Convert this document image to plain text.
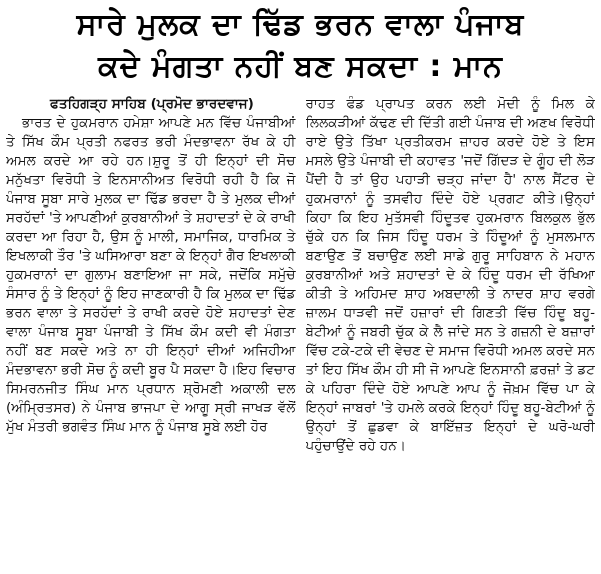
ਸਾਰੇ ਮੁਲਕ ਦਾ ਢਿੱਡ ਭਰਨ ਵਾਲਾ ਪੰਜਾਬ
ਕਦੇ ਮੰਗਤਾ ਨਹੀਂ ਬਣ ਸਕਦਾ : ਮਾਨ
ਫਤਹਿਗੜ੍ਹ ਸਾਹਿਬ (ਪ੍ਰਮੋਦ ਭਾਰਦਵਾਜ)

ਭਾਰਤ ਦੇ ਹੁਕਮਰਾਨ ਹਮੇਸ਼ਾ ਆਪਣੇ ਮਨ ਵਿੱਚ ਪੰਜਾਬੀਆਂ ਤੇ ਸਿੱਖ ਕੌਮ ਪ੍ਰਤੀ ਨਫਰਤ ਭਰੀ ਮੰਦਭਾਵਨਾ ਰੱਖ ਕੇ ਹੀ ਅਮਲ ਕਰਦੇ ਆ ਰਹੇ ਹਨ।ਸ਼ੁਰੂ ਤੋਂ ਹੀ ਇਨ੍ਹਾਂ ਦੀ ਸੋਚ ਮਨੁੱਖਤਾ ਵਿਰੋਧੀ ਤੇ ਇਨਸਾਨੀਅਤ ਵਿਰੋਧੀ ਰਹੀ ਹੈ ਕਿ ਜੋ ਪੰਜਾਬ ਸੂਬਾ ਸਾਰੇ ਮੁਲਕ ਦਾ ਢਿੱਡ ਭਰਦਾ ਹੈ ਤੇ ਮੁਲਕ ਦੀਆਂ ਸਰਹੱਦਾਂ 'ਤੇ ਆਪਣੀਆਂ ਕੁਰਬਾਨੀਆਂ ਤੇ ਸ਼ਹਾਦਤਾਂ ਦੇ ਕੇ ਰਾਖੀ ਕਰਦਾ ਆ ਰਿਹਾ ਹੈ, ਉਸ ਨੂੰ ਮਾਲੀ, ਸਮਾਜਿਕ, ਧਾਰਮਿਕ ਤੇ ਇਖਲਾਕੀ ਤੌਰ 'ਤੇ ਘਸਿਆਰਾ ਬਣਾ ਕੇ ਇਨ੍ਹਾਂ ਗੈਰ ਇਖਲਾਕੀ ਹੁਕਮਰਾਨਾਂ ਦਾ ਗੁਲਾਮ ਬਣਾਇਆ ਜਾ ਸਕੇ, ਜਦੋਂਕਿ ਸਮੁੱਚੇ ਸੰਸਾਰ ਨੂੰ ਤੇ ਇਨ੍ਹਾਂ ਨੂੰ ਇਹ ਜਾਣਕਾਰੀ ਹੈ ਕਿ ਮੁਲਕ ਦਾ ਢਿੱਡ ਭਰਨ ਵਾਲਾ ਤੇ ਸਰਹੱਦਾਂ ਤੇ ਰਾਖੀ ਕਰਦੇ ਹੋਏ ਸ਼ਹਾਦਤਾਂ ਦੇਣ ਵਾਲਾ ਪੰਜਾਬ ਸੂਬਾ ਪੰਜਾਬੀ ਤੇ ਸਿੱਖ ਕੌਮ ਕਦੀ ਵੀ ਮੰਗਤਾ ਨਹੀਂ ਬਣ ਸਕਦੇ ਅਤੇ ਨਾ ਹੀ ਇਨ੍ਹਾਂ ਦੀਆਂ ਅਜਿਹੀਆ ਮੰਦਭਾਵਨਾ ਭਰੀ ਸੋਚ ਨੂੰ ਕਦੀ ਬੂਰ ਪੈ ਸਕਦਾ ਹੈ।ਇਹ ਵਿਚਾਰ ਸਿਮਰਨਜੀਤ ਸਿੰਘ ਮਾਨ ਪ੍ਰਧਾਨ ਸ਼੍ਰੋਮਣੀ ਅਕਾਲੀ ਦਲ (ਅੰਮ੍ਰਿਤਸਰ) ਨੇ ਪੰਜਾਬ ਭਾਜਪਾ ਦੇ ਆਗੂ ਸ੍ਰੀ ਜਾਖੜ ਵੱਲੋਂ ਮੁੱਖ ਮੰਤਰੀ ਭਗਵੰਤ ਸਿੰਘ ਮਾਨ ਨੂੰ ਪੰਜਾਬ ਸੂਬੇ ਲਈ ਹੋਰ

ਰਾਹਤ ਫੰਡ ਪ੍ਰਾਪਤ ਕਰਨ ਲਈ ਮੋਦੀ ਨੂੰ ਮਿਲ ਕੇ ਲਿਲਕੜੀਆਂ ਕੱਢਣ ਦੀ ਦਿੱਤੀ ਗਈ ਪੰਜਾਬ ਦੀ ਅਣਖ ਵਿਰੋਧੀ ਰਾਏ ਉਤੇ ਤਿੱਖਾ ਪ੍ਰਤੀਕਰਮ ਜ਼ਾਹਰ ਕਰਦੇ ਹੋਏ ਤੇ ਇਸ ਮਸਲੇ ਉਤੇ ਪੰਜਾਬੀ ਦੀ ਕਹਾਵਤ 'ਜਦੋਂ ਗਿੱਦੜ ਦੇ ਗੂੰਹ ਦੀ ਲੋੜ ਪੈਂਦੀ ਹੈ ਤਾਂ ਉਹ ਪਹਾੜੀ ਚੜ੍ਹ ਜਾਂਦਾ ਹੈ' ਨਾਲ ਸੈਂਟਰ ਦੇ ਹੁਕਮਰਾਨਾਂ ਨੂੰ ਤਸਵੀਹ ਦਿੰਦੇ ਹੋਏ ਪ੍ਰਗਟ ਕੀਤੇ।ਉਨ੍ਹਾਂ ਕਿਹਾ ਕਿ ਇਹ ਮੁਤੱਸਵੀ ਹਿੰਦੂਤਵ ਹੁਕਮਰਾਨ ਬਿਲਕੁਲ ਭੁੱਲ ਚੁੱਕੇ ਹਨ ਕਿ ਜਿਸ ਹਿੰਦੂ ਧਰਮ ਤੇ ਹਿੰਦੂਆਂ ਨੂੰ ਮੁਸਲਮਾਨ ਬਣਾਉਣ ਤੋਂ ਬਚਾਉਣ ਲਈ ਸਾਡੇ ਗੁਰੂ ਸਾਹਿਬਾਨ ਨੇ ਮਹਾਨ ਕੁਰਬਾਨੀਆਂ ਅਤੇ ਸ਼ਹਾਦਤਾਂ ਦੇ ਕੇ ਹਿੰਦੂ ਧਰਮ ਦੀ ਰੱਖਿਆ ਕੀਤੀ ਤੇ ਅਹਿਮਦ ਸ਼ਾਹ ਅਬਦਾਲੀ ਤੇ ਨਾਦਰ ਸ਼ਾਹ ਵਰਗੇ ਜ਼ਾਲਮ ਧਾੜਵੀ ਜਦੋਂ ਹਜ਼ਾਰਾਂ ਦੀ ਗਿਣਤੀ ਵਿੱਚ ਹਿੰਦੂ ਬਹੂ-ਬੇਟੀਆਂ ਨੂੰ ਜਬਰੀ ਚੁੱਕ ਕੇ ਲੈ ਜਾਂਦੇ ਸਨ ਤੇ ਗਜ਼ਨੀ ਦੇ ਬਜ਼ਾਰਾਂ ਵਿੱਚ ਟਕੇ-ਟਕੇ ਦੀ ਵੇਚਣ ਦੇ ਸਮਾਜ ਵਿਰੋਧੀ ਅਮਲ ਕਰਦੇ ਸਨ ਤਾਂ ਇਹ ਸਿੱਖ ਕੌਮ ਹੀ ਸੀ ਜੋ ਆਪਣੇ ਇਨਸਾਨੀ ਫ਼ਰਜ਼ਾਂ ਤੇ ਡਟ ਕੇ ਪਹਿਰਾ ਦਿੰਦੇ ਹੋਏ ਆਪਣੇ ਆਪ ਨੂੰ ਜੋਖ਼ਮ ਵਿੱਚ ਪਾ ਕੇ ਇਨ੍ਹਾਂ ਜਾਬਰਾਂ 'ਤੇ ਹਮਲੇ ਕਰਕੇ ਇਨ੍ਹਾਂ ਹਿੰਦੂ ਬਹੂ-ਬੇਟੀਆਂ ਨੂੰ ਉਨ੍ਹਾਂ ਤੋਂ ਛੁਡਵਾ ਕੇ ਬਾਇੱਜ਼ਤ ਇਨ੍ਹਾਂ ਦੇ ਘਰੋ-ਘਰੀ ਪਹੁੰਚਾਉਂਦੇ ਰਹੇ ਹਨ।
